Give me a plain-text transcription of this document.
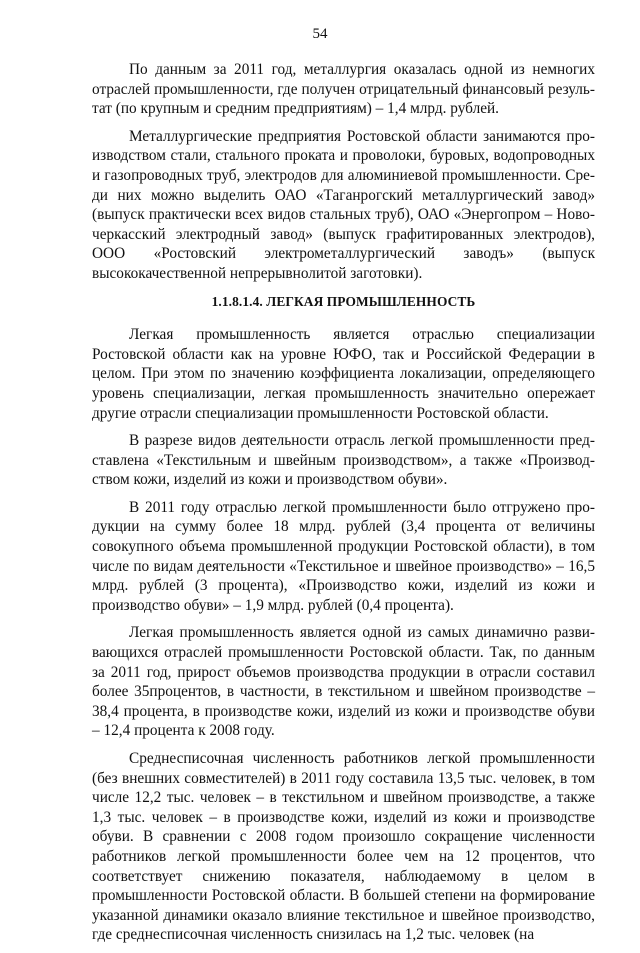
54

По данным за 2011 год, металлургия оказалась одной из немногих отраслей промышленности, где получен отрицательный финансовый результат (по крупным и средним предприятиям) – 1,4 млрд. рублей.

Металлургические предприятия Ростовской области занимаются производством стали, стального проката и проволоки, буровых, водопроводных и газопроводных труб, электродов для алюминиевой промышленности. Среди них можно выделить ОАО «Таганрогский металлургический завод» (выпуск практически всех видов стальных труб), ОАО «Энергопром – Новочеркасский электродный завод» (выпуск графитированных электродов), ООО «Ростовский электрометаллургический заводъ» (выпуск высококачественной непрерывнолитой заготовки).

1.1.8.1.4. ЛЕГКАЯ ПРОМЫШЛЕННОСТЬ

Легкая промышленность является отраслью специализации Ростовской области как на уровне ЮФО, так и Российской Федерации в целом. При этом по значению коэффициента локализации, определяющего уровень специализации, легкая промышленность значительно опережает другие отрасли специализации промышленности Ростовской области.

В разрезе видов деятельности отрасль легкой промышленности представлена «Текстильным и швейным производством», а также «Производством кожи, изделий из кожи и производством обуви».

В 2011 году отраслью легкой промышленности было отгружено продукции на сумму более 18 млрд. рублей (3,4 процента от величины совокупного объема промышленной продукции Ростовской области), в том числе по видам деятельности «Текстильное и швейное производство» – 16,5 млрд. рублей (3 процента), «Производство кожи, изделий из кожи и производство обуви» – 1,9 млрд. рублей (0,4 процента).

Легкая промышленность является одной из самых динамично развивающихся отраслей промышленности Ростовской области. Так, по данным за 2011 год, прирост объемов производства продукции в отрасли составил более 35процентов, в частности, в текстильном и швейном производстве – 38,4 процента, в производстве кожи, изделий из кожи и производстве обуви – 12,4 процента к 2008 году.

Среднесписочная численность работников легкой промышленности (без внешних совместителей) в 2011 году составила 13,5 тыс. человек, в том числе 12,2 тыс. человек – в текстильном и швейном производстве, а также 1,3 тыс. человек – в производстве кожи, изделий из кожи и производстве обуви. В сравнении с 2008 годом произошло сокращение численности работников легкой промышленности более чем на 12 процентов, что соответствует снижению показателя, наблюдаемому в целом в промышленности Ростовской области. В большей степени на формирование указанной динамики оказало влияние текстильное и швейное производство, где среднесписочная численность снизилась на 1,2 тыс. человек (на
